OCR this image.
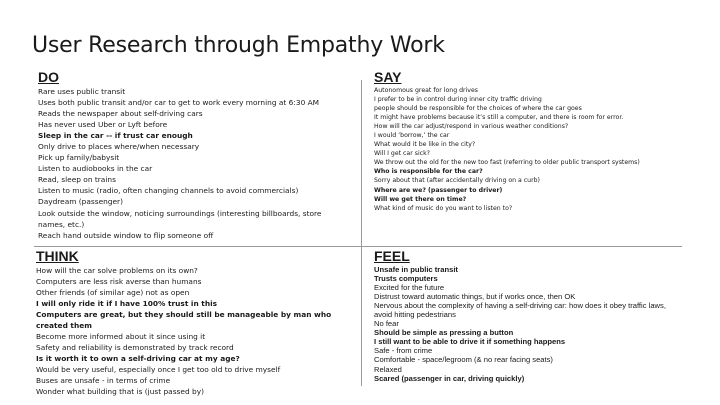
User Research through Empathy Work
DO
Rare uses public transit
Uses both public transit and/or car to get to work every morning at 6:30 AM
Reads the newspaper about self-driving cars
Has never used Uber or Lyft before
Sleep in the car -- if trust car enough
Only drive to places where/when necessary
Pick up family/babysit
Listen to audiobooks in the car
Read, sleep on trains
Listen to music (radio, often changing channels to avoid commercials)
Daydream (passenger)
Look outside the window, noticing surroundings (interesting billboards, store names, etc.)
Reach hand outside window to flip someone off
SAY
Autonomous great for long drives
I prefer to be in control during inner city traffic driving
people should be responsible for the choices of where the car goes
It might have problems because it’s still a computer, and there is room for error.
How will the car adjust/respond in various weather conditions?
I would ‘borrow,’ the car
What would it be like in the city?
Will I get car sick?
We throw out the old for the new too fast (referring to older public transport systems)
Who is responsible for the car?
Sorry about that (after accidentally driving on a curb)
Where are we? (passenger to driver)
Will we get there on time?
What kind of music do you want to listen to?
THINK
How will the car solve problems on its own?
Computers are less risk averse than humans
Other friends (of similar age) not as open
I will only ride it if I have 100% trust in this
Computers are great, but they should still be manageable by man who created them
Become more informed about it since using it
Safety and reliability is demonstrated by track record
Is it worth it to own a self-driving car at my age?
Would be very useful, especially once I get too old to drive myself
Buses are unsafe - in terms of crime
Wonder what building that is (just passed by)
FEEL
Unsafe in public transit
Trusts computers
Excited for the future
Distrust toward automatic things, but if works once, then OK
Nervous about the complexity of having a self-driving car: how does it obey traffic laws, avoid hitting pedestrians
No fear
Should be simple as pressing a button
I still want to be able to drive it if something happens
Safe - from crime
Comfortable - space/legroom (& no rear facing seats)
Relaxed
Scared (passenger in car, driving quickly)
